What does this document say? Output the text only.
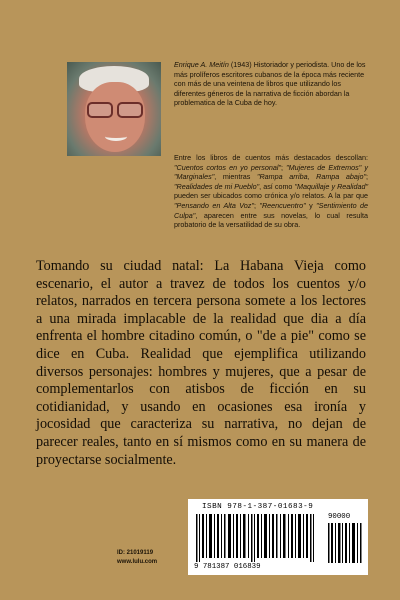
Enrique A. Meitín (1943) Historiador y periodista. Uno de los más prolíferos escritores cubanos de la época más reciente con más de una veintena de libros que utilizando los diferentes géneros de la narrativa de ficción abordan la problematica de la Cuba de hoy.
Entre los libros de cuentos más destacados descollan: "Cuentos cortos en yo personal"; "Mujeres de Extremos" y "Marginales", mientras "Rampa arriba, Rampa abajo"; "Realidades de mi Pueblo", así como "Maquillaje y Realidad" pueden ser ubicados como crónica y/o relatos. A la par que "Pensando en Alta Voz"; "Reencuentro" y "Sentimiento de Culpa", aparecen entre sus novelas, lo cual resulta probatorio de la versatilidad de su obra.
Tomando su ciudad natal: La Habana Vieja como escenario, el autor a travez de todos los cuentos y/o relatos, narrados en tercera persona somete a los lectores a una mirada implacable de la realidad que dia a día enfrenta el hombre citadino común, o "de a pie" como se dice en Cuba. Realidad que ejemplifica utilizando diversos personajes: hombres y mujeres, que a pesar de complementarlos con atisbos de ficción en su cotidianidad, y usando en ocasiones esa ironía y jocosidad que caracteriza su narrativa, no dejan de parecer reales, tanto en sí mismos como en su manera de proyectarse socialmente.
ISBN 978-1-387-01683-9
9 781387 016839
90000
ID: 21019119
www.lulu.com
